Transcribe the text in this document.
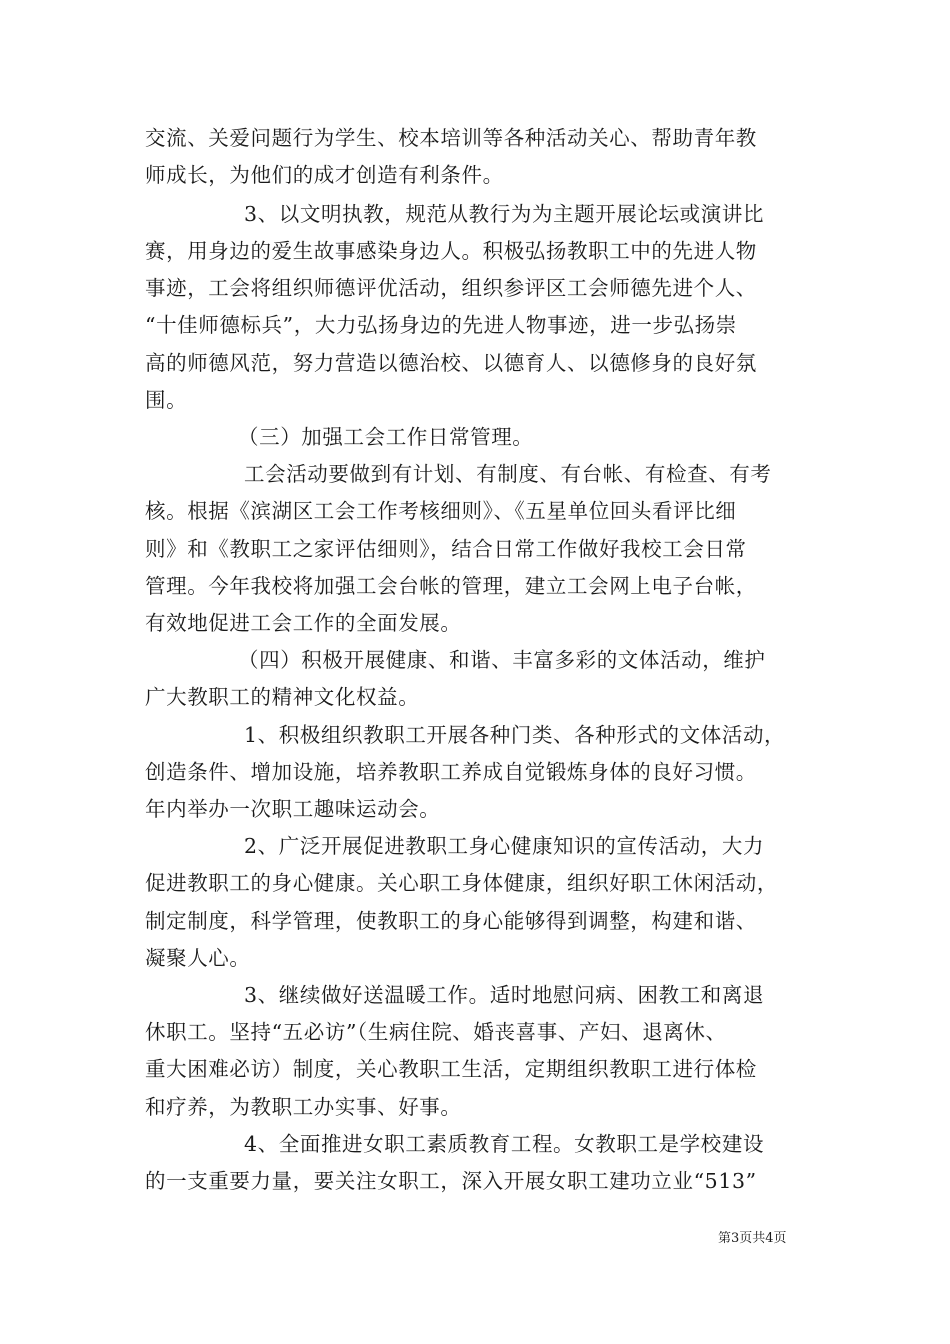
交流、关爱问题行为学生、校本培训等各种活动关心、帮助青年教
师成长，为他们的成才创造有利条件。
3、以文明执教，规范从教行为为主题开展论坛或演讲比
赛，用身边的爱生故事感染身边人。积极弘扬教职工中的先进人物
事迹，工会将组织师德评优活动，组织参评区工会师德先进个人、
“十佳师德标兵”，大力弘扬身边的先进人物事迹，进一步弘扬崇
高的师德风范，努力营造以德治校、以德育人、以德修身的良好氛
围。
（三）加强工会工作日常管理。
工会活动要做到有计划、有制度、有台帐、有检查、有考
核。根据《滨湖区工会工作考核细则》、《五星单位回头看评比细
则》和《教职工之家评估细则》，结合日常工作做好我校工会日常
管理。今年我校将加强工会台帐的管理，建立工会网上电子台帐，
有效地促进工会工作的全面发展。
（四）积极开展健康、和谐、丰富多彩的文体活动，维护
广大教职工的精神文化权益。
1、积极组织教职工开展各种门类、各种形式的文体活动，
创造条件、增加设施，培养教职工养成自觉锻炼身体的良好习惯。
年内举办一次职工趣味运动会。
2、广泛开展促进教职工身心健康知识的宣传活动，大力
促进教职工的身心健康。关心职工身体健康，组织好职工休闲活动，
制定制度，科学管理，使教职工的身心能够得到调整，构建和谐、
凝聚人心。
3、继续做好送温暖工作。适时地慰问病、困教工和离退
休职工。坚持“五必访”（生病住院、婚丧喜事、产妇、退离休、
重大困难必访）制度，关心教职工生活，定期组织教职工进行体检
和疗养，为教职工办实事、好事。
4、全面推进女职工素质教育工程。女教职工是学校建设
的一支重要力量，要关注女职工，深入开展女职工建功立业“513”
第3页共4页
